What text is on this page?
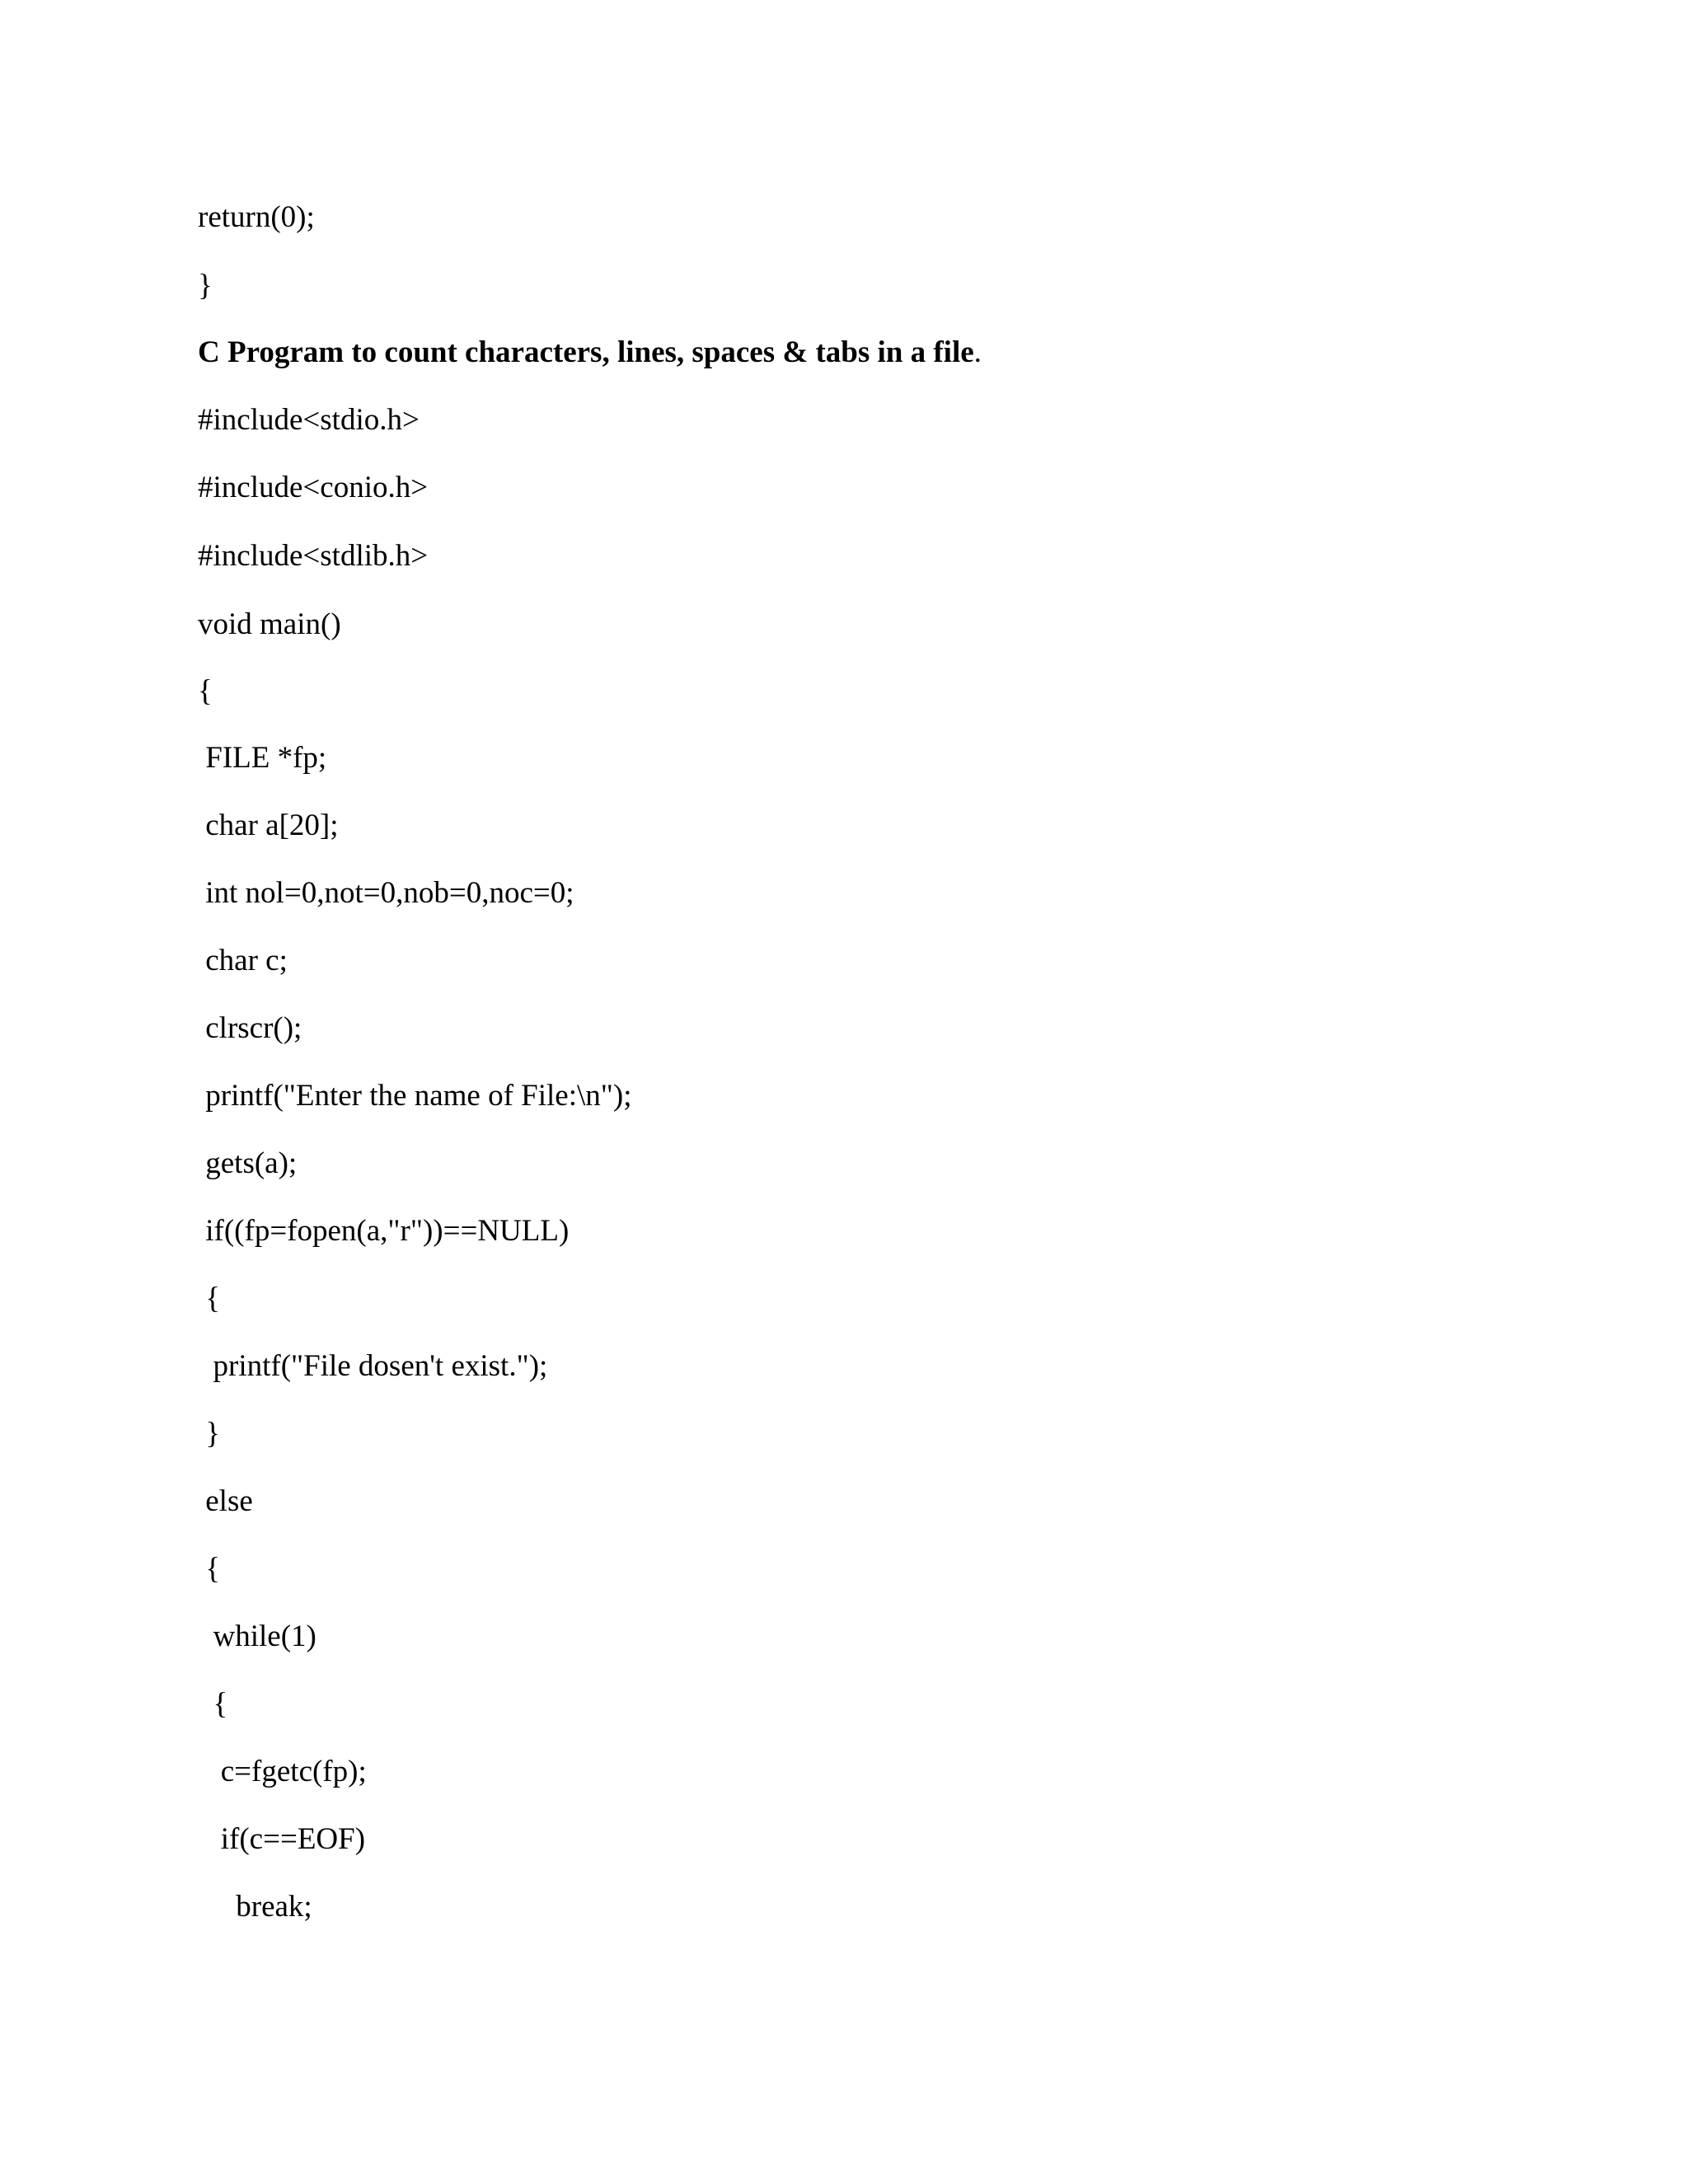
return(0);

}

C Program to count characters, lines, spaces & tabs in a file.

#include<stdio.h>

#include<conio.h>

#include<stdlib.h>

void main()

{

FILE *fp;

char a[20];

int nol=0,not=0,nob=0,noc=0;

char c;

clrscr();

printf("Enter the name of File:\n");

gets(a);

if((fp=fopen(a,"r"))==NULL)

{

printf("File dosen't exist.");

}

else

{

while(1)

{

c=fgetc(fp);

if(c==EOF)

break;
